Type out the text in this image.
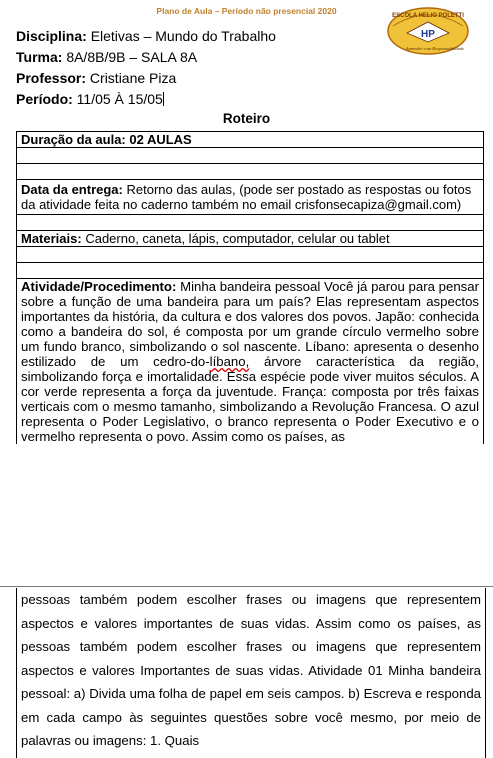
Plano de Aula – Período não presencial 2020	ESCOLA HELIO POLETTI
HP
Aprender com Responsabilidade
Disciplina: Eletivas – Mundo do Trabalho
Turma: 8A/8B/9B – SALA 8A
Professor: Cristiane Piza
Período: 11/05 À 15/05
Roteiro
Duração da aula: 02 AULAS

Data da entrega: Retorno das aulas, (pode ser postado as respostas ou fotos da atividade feita no caderno também no email crisfonsecapiza@gmail.com)

Materiais: Caderno, caneta, lápis, computador, celular ou tablet

Atividade/Procedimento: Minha bandeira pessoal Você já parou para pensar sobre a função de uma bandeira para um país? Elas representam aspectos importantes da história, da cultura e dos valores dos povos. Japão: conhecida como a bandeira do sol, é composta por um grande círculo vermelho sobre um fundo branco, simbolizando o sol nascente. Líbano: apresenta o desenho estilizado de um cedro-do-líbano, árvore característica da região, simbolizando força e imortalidade. Essa espécie pode viver muitos séculos. A cor verde representa a força da juventude. França: composta por três faixas verticais com o mesmo tamanho, simbolizando a Revolução Francesa. O azul representa o Poder Legislativo, o branco representa o Poder Executivo e o vermelho representa o povo. Assim como os países, as

pessoas também podem escolher frases ou imagens que representem aspectos e valores importantes de suas vidas. Assim como os países, as pessoas também podem escolher frases ou imagens que representem aspectos e valores Importantes de suas vidas. Atividade 01 Minha bandeira pessoal: a) Divida uma folha de papel em seis campos. b) Escreva e responda em cada campo às seguintes questões sobre você mesmo, por meio de palavras ou imagens: 1. Quais
